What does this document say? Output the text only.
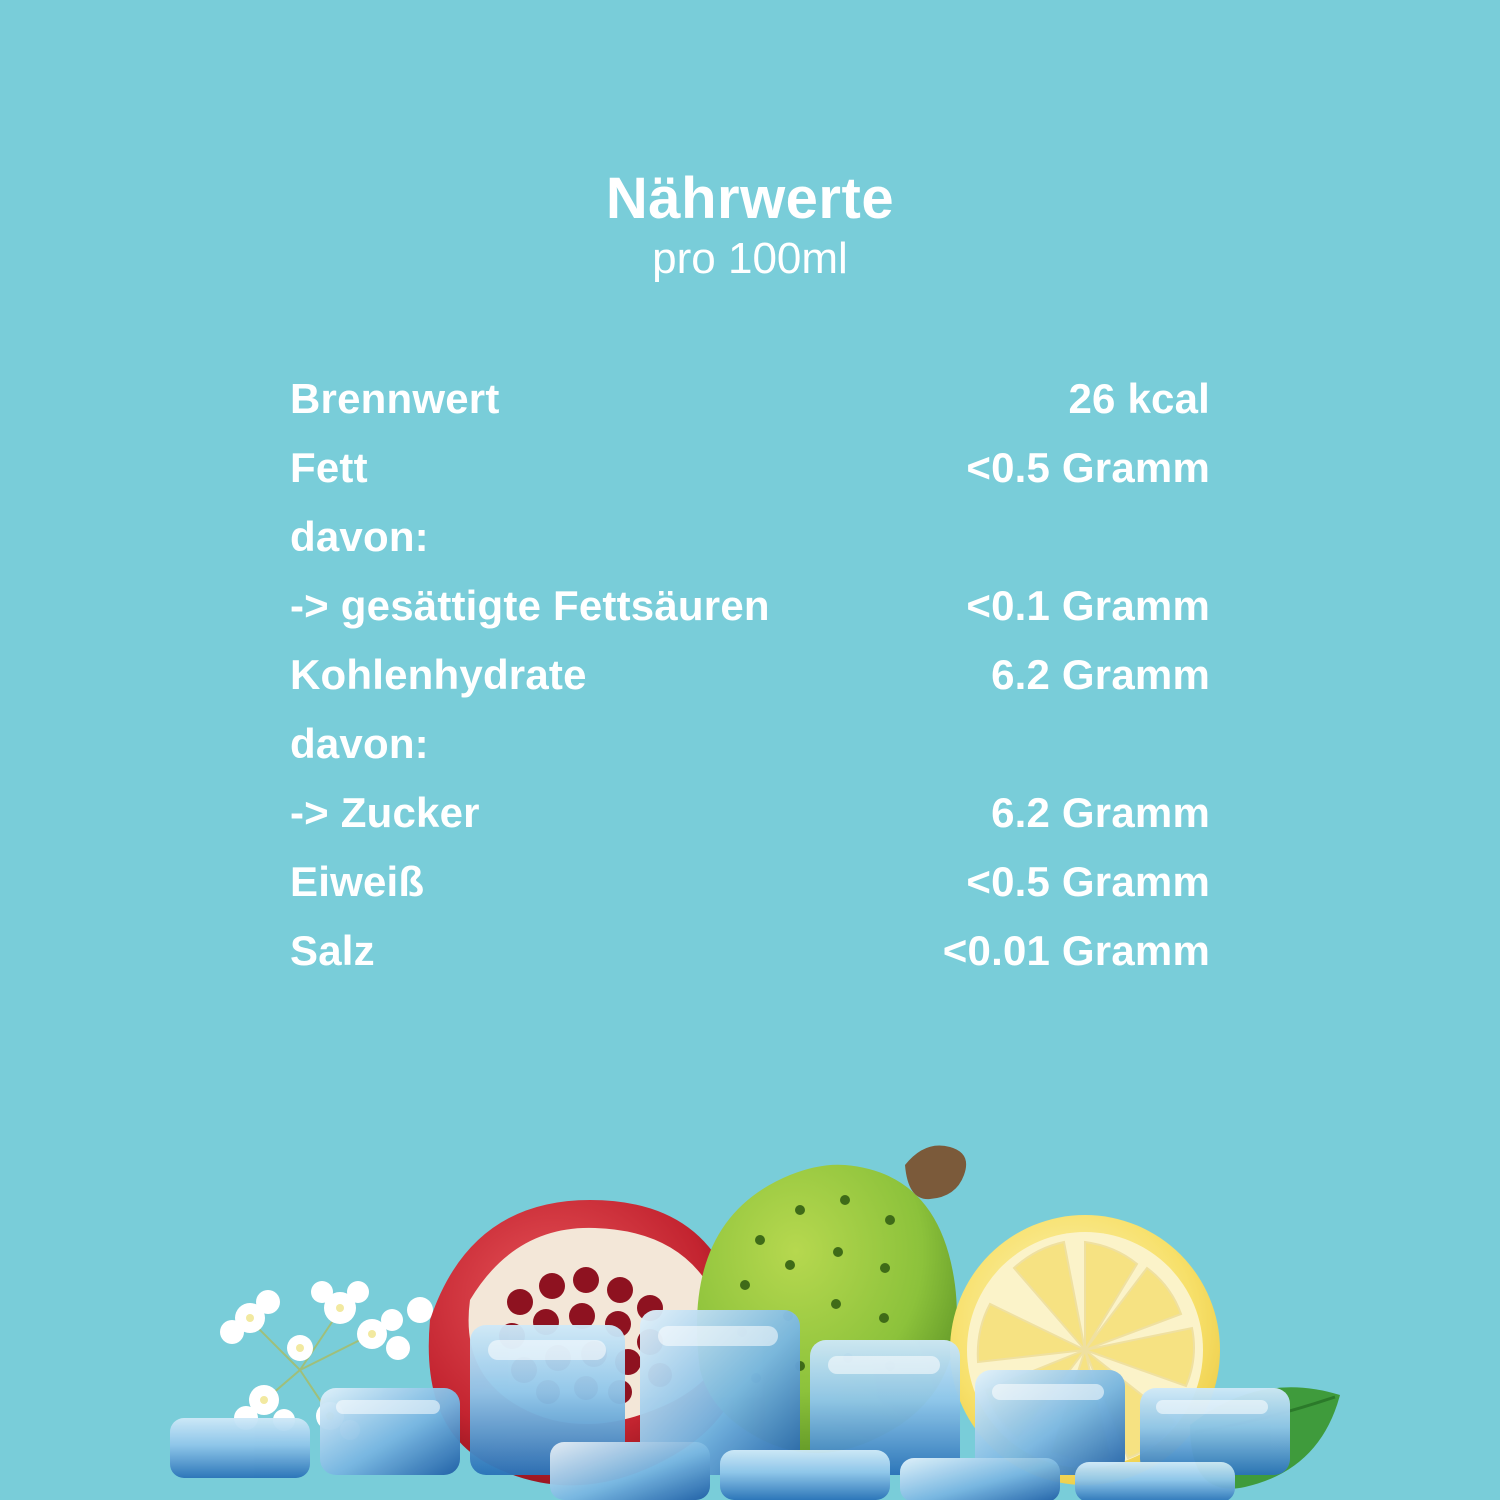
Nährwerte
pro 100ml
Brennwert	26 kcal
Fett	<0.5 Gramm
davon:
-> gesättigte Fettsäuren	<0.1 Gramm
Kohlenhydrate	6.2 Gramm
davon:
-> Zucker	6.2 Gramm
Eiweiß	<0.5 Gramm
Salz	<0.01 Gramm
